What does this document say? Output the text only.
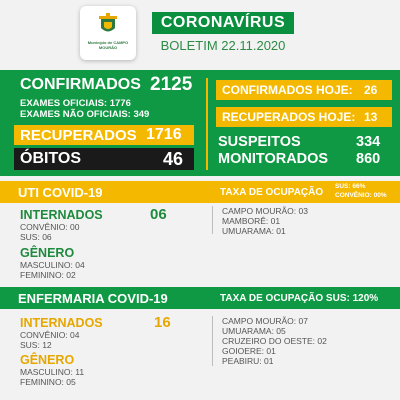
Município de CAMPO MOURÃO
CORONAVÍRUS
BOLETIM 22.11.2020
CONFIRMADOS 2125
EXAMES OFICIAIS: 1776
EXAMES NÃO OFICIAIS: 349
RECUPERADOS 1716
ÓBITOS	46
CONFIRMADOS HOJE: 26
RECUPERADOS HOJE: 13
SUSPEITOS	334
MONITORADOS 860
UTI COVID-19	TAXA DE OCUPAÇÃO
SUS: 66%
CONVÊNIO: 00%
INTERNADOS	06
CONVÊNIO: 00
SUS: 06
GÊNERO
MASCULINO: 04
FEMININO: 02
CAMPO MOURÃO: 03
MAMBORÊ: 01
UMUARAMA: 01
ENFERMARIA COVID-19	TAXA DE OCUPAÇÃO SUS: 120%
INTERNADOS	16
CONVÊNIO: 04
SUS: 12
GÊNERO
MASCULINO: 11
FEMININO: 05
CAMPO MOURÃO: 07
UMUARAMA: 05
CRUZEIRO DO OESTE: 02
GOIOERE: 01
PEABIRU: 01
